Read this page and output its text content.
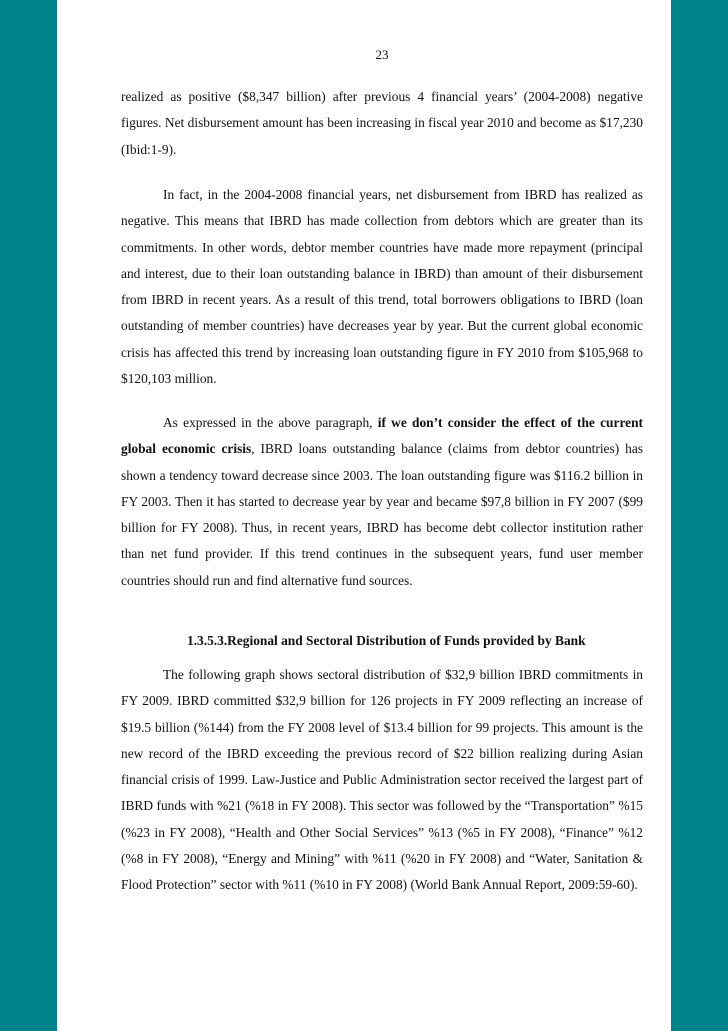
23

realized as positive ($8,347 billion) after previous 4 financial years’ (2004-2008) negative figures. Net disbursement amount has been increasing in fiscal year 2010 and become as $17,230 (Ibid:1-9).

In fact, in the 2004-2008 financial years, net disbursement from IBRD has realized as negative. This means that IBRD has made collection from debtors which are greater than its commitments. In other words, debtor member countries have made more repayment (principal and interest, due to their loan outstanding balance in IBRD) than amount of their disbursement from IBRD in recent years. As a result of this trend, total borrowers obligations to IBRD (loan outstanding of member countries) have decreases year by year. But the current global economic crisis has affected this trend by increasing loan outstanding figure in FY 2010 from $105,968 to $120,103 million.

As expressed in the above paragraph, if we don’t consider the effect of the current global economic crisis, IBRD loans outstanding balance (claims from debtor countries) has shown a tendency toward decrease since 2003. The loan outstanding figure was $116.2 billion in FY 2003. Then it has started to decrease year by year and became $97,8 billion in FY 2007 ($99 billion for FY 2008). Thus, in recent years, IBRD has become debt collector institution rather than net fund provider. If this trend continues in the subsequent years, fund user member countries should run and find alternative fund sources.

1.3.5.3.Regional and Sectoral Distribution of Funds provided by Bank

The following graph shows sectoral distribution of $32,9 billion IBRD commitments in FY 2009. IBRD committed $32,9 billion for 126 projects in FY 2009 reflecting an increase of $19.5 billion (%144) from the FY 2008 level of $13.4 billion for 99 projects. This amount is the new record of the IBRD exceeding the previous record of $22 billion realizing during Asian financial crisis of 1999. Law-Justice and Public Administration sector received the largest part of IBRD funds with %21 (%18 in FY 2008). This sector was followed by the “Transportation” %15 (%23 in FY 2008), “Health and Other Social Services” %13 (%5 in FY 2008), “Finance” %12 (%8 in FY 2008), “Energy and Mining” with %11 (%20 in FY 2008) and “Water, Sanitation & Flood Protection” sector with %11 (%10 in FY 2008) (World Bank Annual Report, 2009:59-60).
